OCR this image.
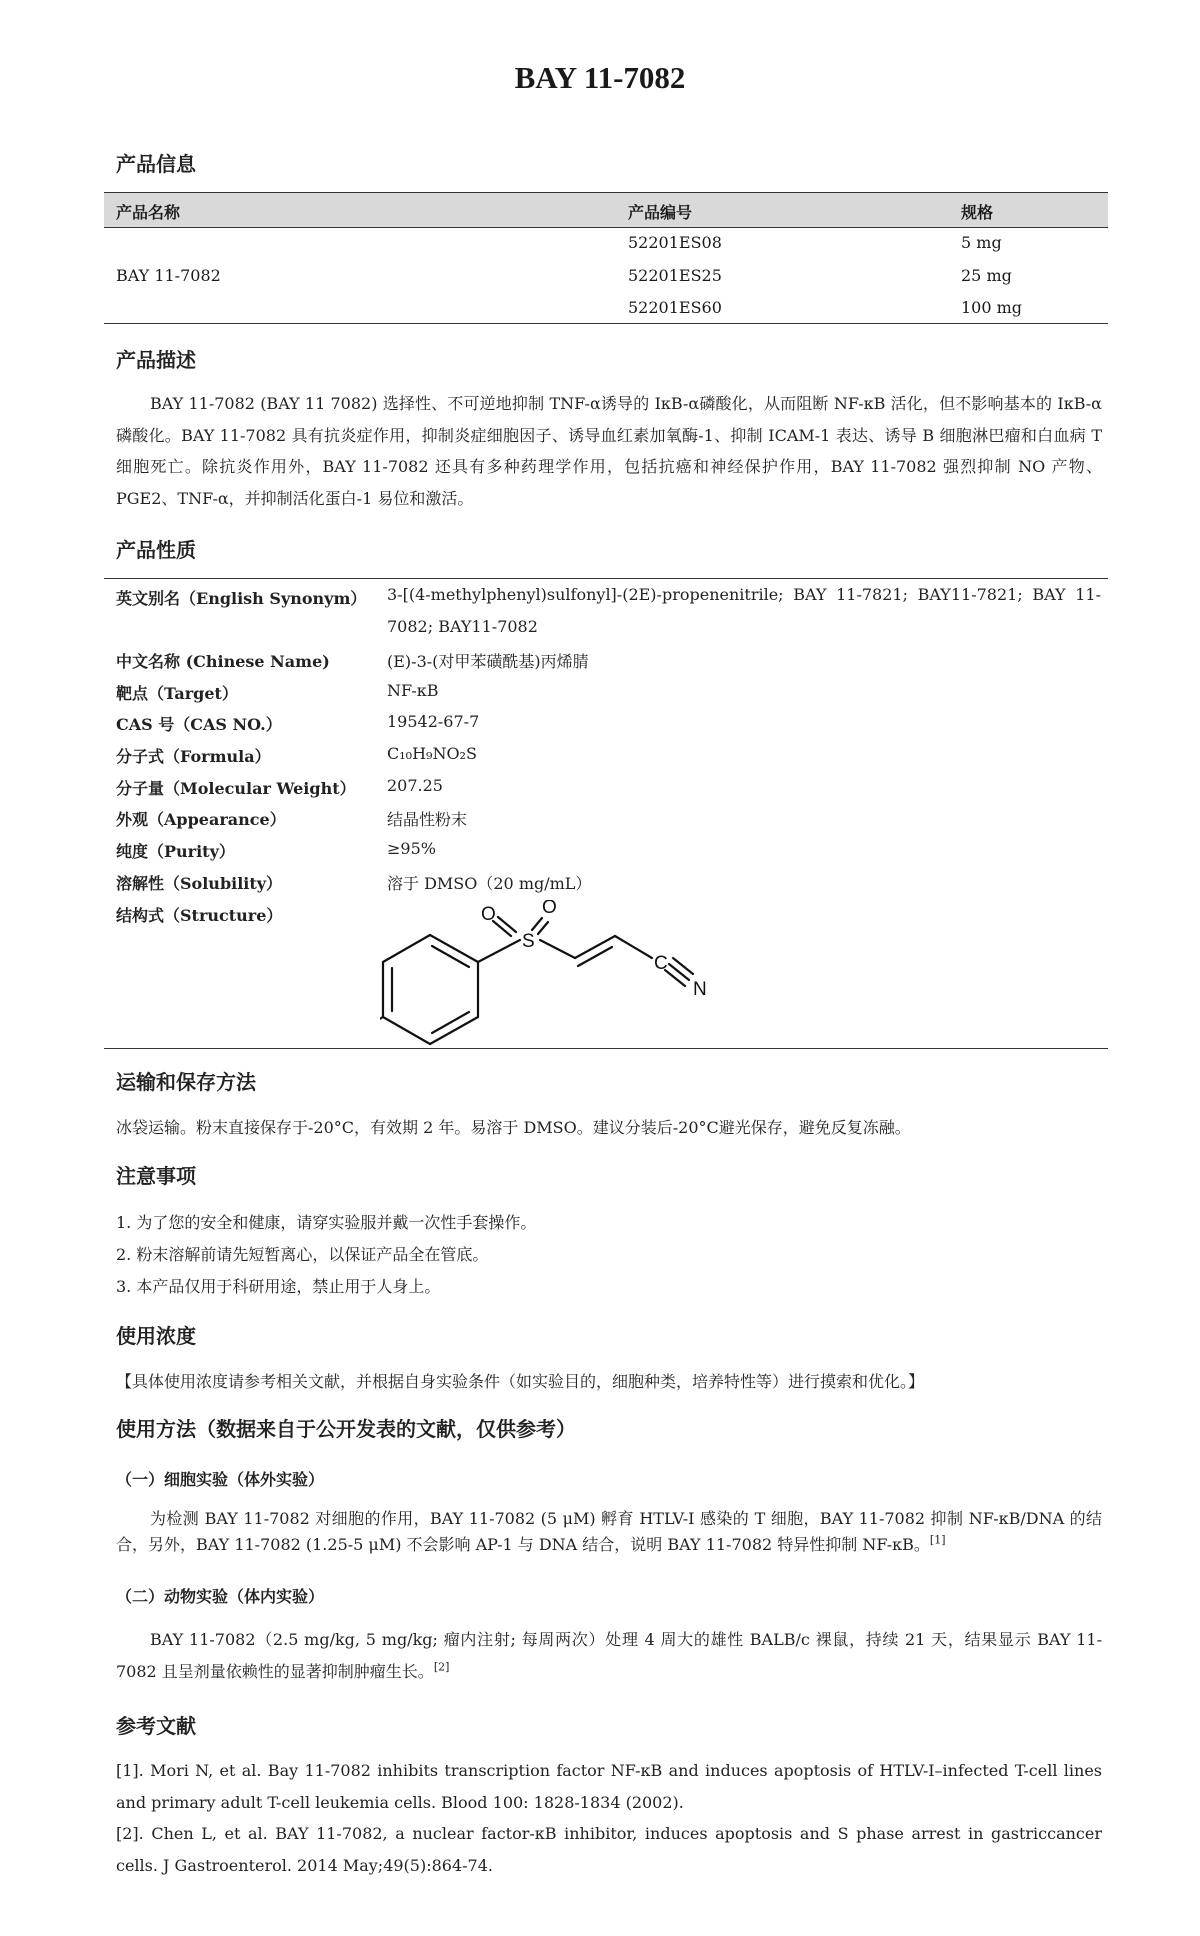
BAY 11-7082
产品信息
产品名称	产品编号	规格
BAY 11-7082
52201ES08	5 mg
52201ES25	25 mg
52201ES60	100 mg
产品描述
BAY 11-7082 (BAY 11 7082) 选择性、不可逆地抑制 TNF-α诱导的 IκB-α磷酸化，从而阻断 NF-κB 活化，但不影响基本的 IκB-α磷酸化。BAY 11-7082 具有抗炎症作用，抑制炎症细胞因子、诱导血红素加氧酶-1、抑制 ICAM-1 表达、诱导 B 细胞淋巴瘤和白血病 T 细胞死亡。除抗炎作用外，BAY 11-7082 还具有多种药理学作用，包括抗癌和神经保护作用，BAY 11-7082 强烈抑制 NO 产物、PGE2、TNF-α，并抑制活化蛋白-1 易位和激活。
产品性质
英文别名（English Synonym） 3-[(4-methylphenyl)sulfonyl]-(2E)-propenenitrile; BAY 11-7821; BAY11-7821; BAY 11-7082; BAY11-7082
中文名称 (Chinese Name)	(E)-3-(对甲苯磺酰基)丙烯腈
靶点（Target）	NF-κB
CAS 号（CAS NO.）	19542-67-7
分子式（Formula）	C₁₀H₉NO₂S
分子量（Molecular Weight） 207.25
外观（Appearance）	结晶性粉末
纯度（Purity）	≥95%
溶解性（Solubility）	溶于 DMSO（20 mg/mL）
结构式（Structure）	O O
S
C
N
运输和保存方法
冰袋运输。粉末直接保存于-20°C，有效期 2 年。易溶于 DMSO。建议分装后-20°C避光保存，避免反复冻融。
注意事项
1. 为了您的安全和健康，请穿实验服并戴一次性手套操作。
2. 粉末溶解前请先短暂离心，以保证产品全在管底。
3. 本产品仅用于科研用途，禁止用于人身上。
使用浓度
【具体使用浓度请参考相关文献，并根据自身实验条件（如实验目的，细胞种类，培养特性等）进行摸索和优化。】
使用方法（数据来自于公开发表的文献，仅供参考）
（一）细胞实验（体外实验）
为检测 BAY 11-7082 对细胞的作用，BAY 11-7082 (5 μM) 孵育 HTLV-I 感染的 T 细胞，BAY 11-7082 抑制 NF-κB/DNA 的结合，另外，BAY 11-7082 (1.25-5 μM) 不会影响 AP-1 与 DNA 结合，说明 BAY 11-7082 特异性抑制 NF-κB。[1]
（二）动物实验（体内实验）
BAY 11-7082（2.5 mg/kg, 5 mg/kg; 瘤内注射; 每周两次）处理 4 周大的雄性 BALB/c 裸鼠，持续 21 天，结果显示 BAY 11-7082 且呈剂量依赖性的显著抑制肿瘤生长。[2]
参考文献
[1]. Mori N, et al. Bay 11-7082 inhibits transcription factor NF-κB and induces apoptosis of HTLV-I–infected T-cell lines and primary adult T-cell leukemia cells. Blood 100: 1828-1834 (2002).
[2]. Chen L, et al. BAY 11-7082, a nuclear factor-κB inhibitor, induces apoptosis and S phase arrest in gastriccancer cells. J Gastroenterol. 2014 May;49(5):864-74.
